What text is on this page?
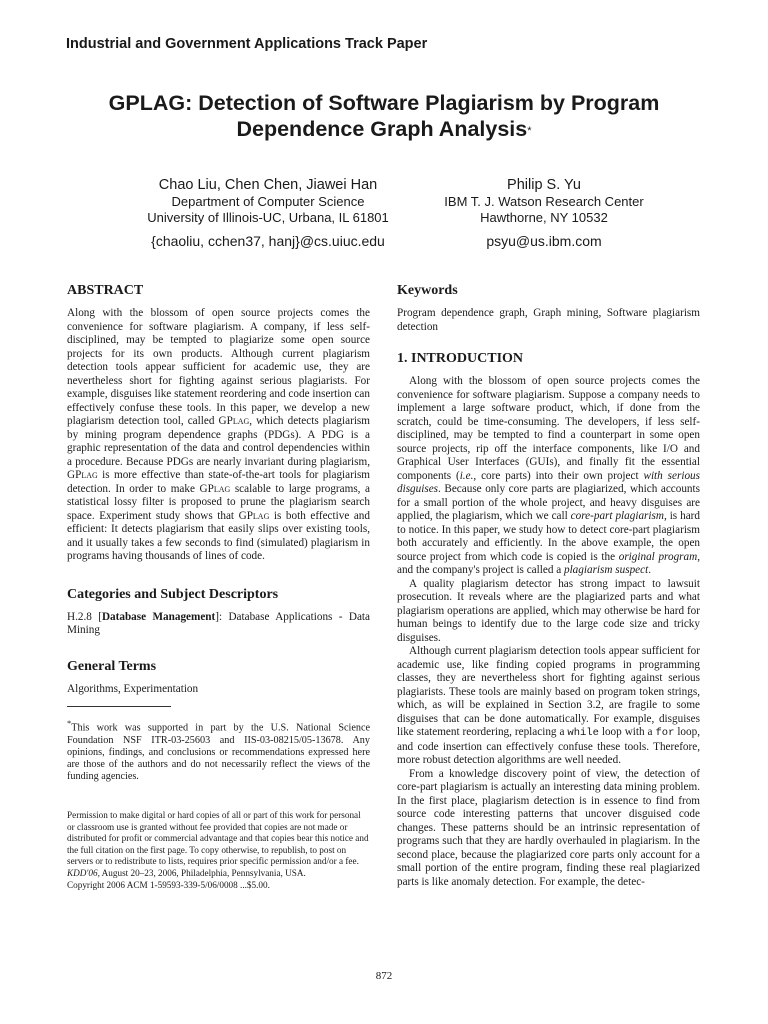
Industrial and Government Applications Track Paper
GPLAG: Detection of Software Plagiarism by Program
Dependence Graph Analysis*
Chao Liu, Chen Chen, Jiawei Han
Department of Computer Science
University of Illinois-UC, Urbana, IL 61801
{chaoliu, cchen37, hanj}@cs.uiuc.edu
Philip S. Yu
IBM T. J. Watson Research Center
Hawthorne, NY 10532
psyu@us.ibm.com
ABSTRACT

Along with the blossom of open source projects comes the convenience for software plagiarism. A company, if less self-disciplined, may be tempted to plagiarize some open source projects for its own products. Although current plagiarism detection tools appear sufficient for academic use, they are nevertheless short for fighting against serious plagiarists. For example, disguises like statement reordering and code insertion can effectively confuse these tools. In this paper, we develop a new plagiarism detection tool, called GPlag, which detects plagiarism by mining program dependence graphs (PDGs). A PDG is a graphic representation of the data and control dependencies within a procedure. Because PDGs are nearly invariant during plagiarism, GPlag is more effective than state-of-the-art tools for plagiarism detection. In order to make GPlag scalable to large programs, a statistical lossy filter is proposed to prune the plagiarism search space. Experiment study shows that GPlag is both effective and efficient: It detects plagiarism that easily slips over existing tools, and it usually takes a few seconds to find (simulated) plagiarism in programs having thousands of lines of code.

Categories and Subject Descriptors

H.2.8 [Database Management]: Database Applications - Data Mining

General Terms

Algorithms, Experimentation

*This work was supported in part by the U.S. National Science Foundation NSF ITR-03-25603 and IIS-03-08215/05-13678. Any opinions, findings, and conclusions or recommendations expressed here are those of the authors and do not necessarily reflect the views of the funding agencies.

Permission to make digital or hard copies of all or part of this work for personal or classroom use is granted without fee provided that copies are not made or distributed for profit or commercial advantage and that copies bear this notice and the full citation on the first page. To copy otherwise, to republish, to post on servers or to redistribute to lists, requires prior specific permission and/or a fee.
KDD'06, August 20–23, 2006, Philadelphia, Pennsylvania, USA.
Copyright 2006 ACM 1-59593-339-5/06/0008 ...$5.00.
Keywords

Program dependence graph, Graph mining, Software plagiarism detection

1. INTRODUCTION

Along with the blossom of open source projects comes the convenience for software plagiarism. Suppose a company needs to implement a large software product, which, if done from the scratch, could be time-consuming. The developers, if less self-disciplined, may be tempted to find a counterpart in some open source projects, rip off the interface components, like I/O and Graphical User Interfaces (GUIs), and finally fit the essential components (i.e., core parts) into their own project with serious disguises. Because only core parts are plagiarized, which accounts for a small portion of the whole project, and heavy disguises are applied, the plagiarism, which we call core-part plagiarism, is hard to notice. In this paper, we study how to detect core-part plagiarism both accurately and efficiently. In the above example, the open source project from which code is copied is the original program, and the company's project is called a plagiarism suspect.

A quality plagiarism detector has strong impact to lawsuit prosecution. It reveals where are the plagiarized parts and what plagiarism operations are applied, which may otherwise be hard for human beings to identify due to the large code size and tricky disguises.

Although current plagiarism detection tools appear sufficient for academic use, like finding copied programs in programming classes, they are nevertheless short for fighting against serious plagiarists. These tools are mainly based on program token strings, which, as will be explained in Section 3.2, are fragile to some disguises that can be done automatically. For example, disguises like statement reordering, replacing a while loop with a for loop, and code insertion can effectively confuse these tools. Therefore, more robust detection algorithms are well needed.

From a knowledge discovery point of view, the detection of core-part plagiarism is actually an interesting data mining problem. In the first place, plagiarism detection is in essence to find from source code interesting patterns that uncover disguised code changes. These patterns should be an intrinsic representation of programs such that they are hardly overhauled in plagiarism. In the second place, because the plagiarized core parts only account for a small portion of the entire program, finding these real plagiarized parts is like anomaly detection. For example, the detec-

872
